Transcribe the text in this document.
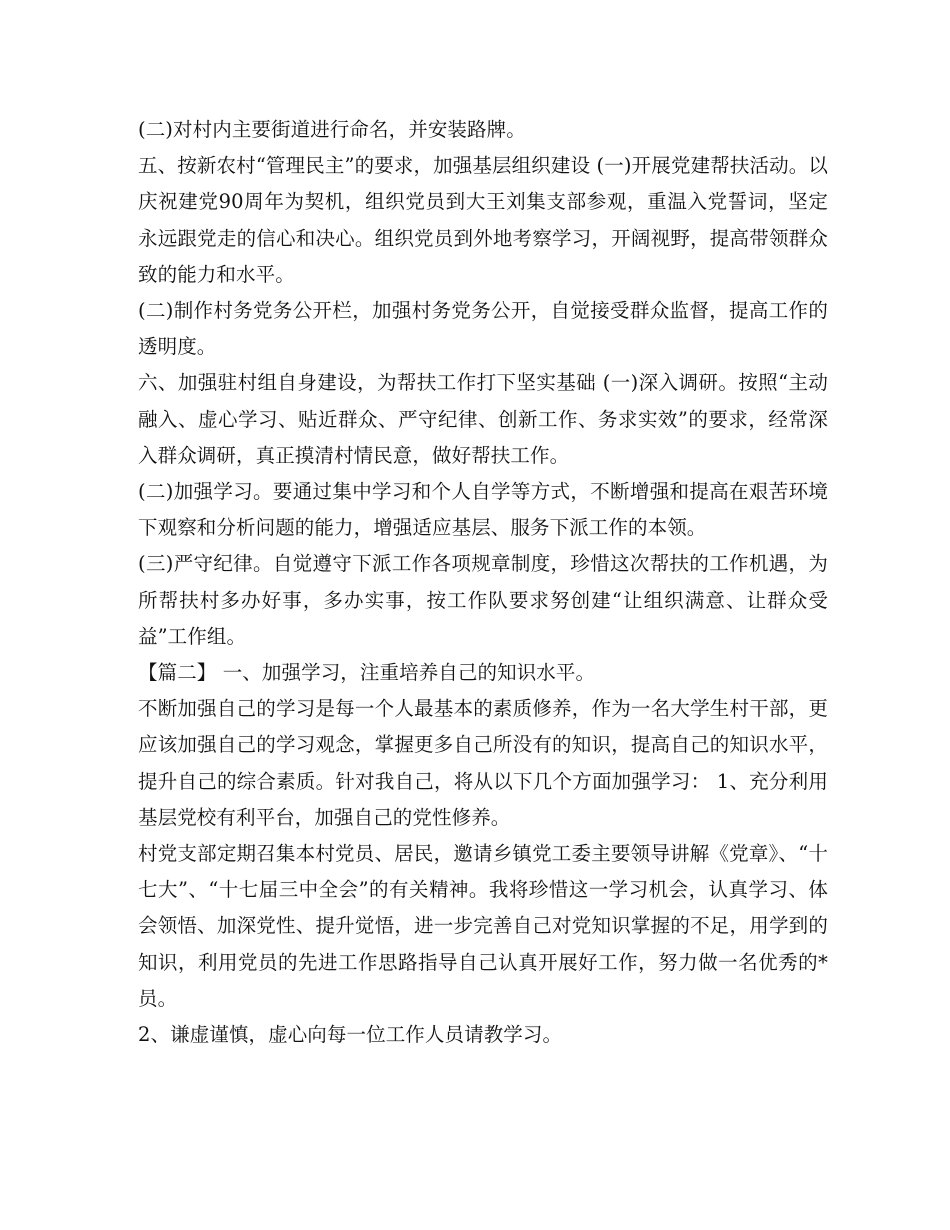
(二)对村内主要街道进行命名，并安装路牌。

五、按新农村“管理民主”的要求，加强基层组织建设 (一)开展党建帮扶活动。以庆祝建党90周年为契机，组织党员到大王刘集支部参观，重温入党誓词，坚定永远跟党走的信心和决心。组织党员到外地考察学习，开阔视野，提高带领群众致的能力和水平。

(二)制作村务党务公开栏，加强村务党务公开，自觉接受群众监督，提高工作的透明度。

六、加强驻村组自身建设，为帮扶工作打下坚实基础 (一)深入调研。按照“主动融入、虚心学习、贴近群众、严守纪律、创新工作、务求实效”的要求，经常深入群众调研，真正摸清村情民意，做好帮扶工作。

(二)加强学习。要通过集中学习和个人自学等方式，不断增强和提高在艰苦环境下观察和分析问题的能力，增强适应基层、服务下派工作的本领。

(三)严守纪律。自觉遵守下派工作各项规章制度，珍惜这次帮扶的工作机遇，为所帮扶村多办好事，多办实事，按工作队要求努创建“让组织满意、让群众受益”工作组。

【篇二】 一、加强学习，注重培养自己的知识水平。

不断加强自己的学习是每一个人最基本的素质修养，作为一名大学生村干部，更应该加强自己的学习观念，掌握更多自己所没有的知识，提高自己的知识水平，提升自己的综合素质。针对我自己，将从以下几个方面加强学习： 1、充分利用基层党校有利平台，加强自己的党性修养。

村党支部定期召集本村党员、居民，邀请乡镇党工委主要领导讲解《党章》、“十七大”、“十七届三中全会”的有关精神。我将珍惜这一学习机会，认真学习、体会领悟、加深党性、提升觉悟，进一步完善自己对党知识掌握的不足，用学到的知识，利用党员的先进工作思路指导自己认真开展好工作，努力做一名优秀的*员。

2、谦虚谨慎，虚心向每一位工作人员请教学习。
